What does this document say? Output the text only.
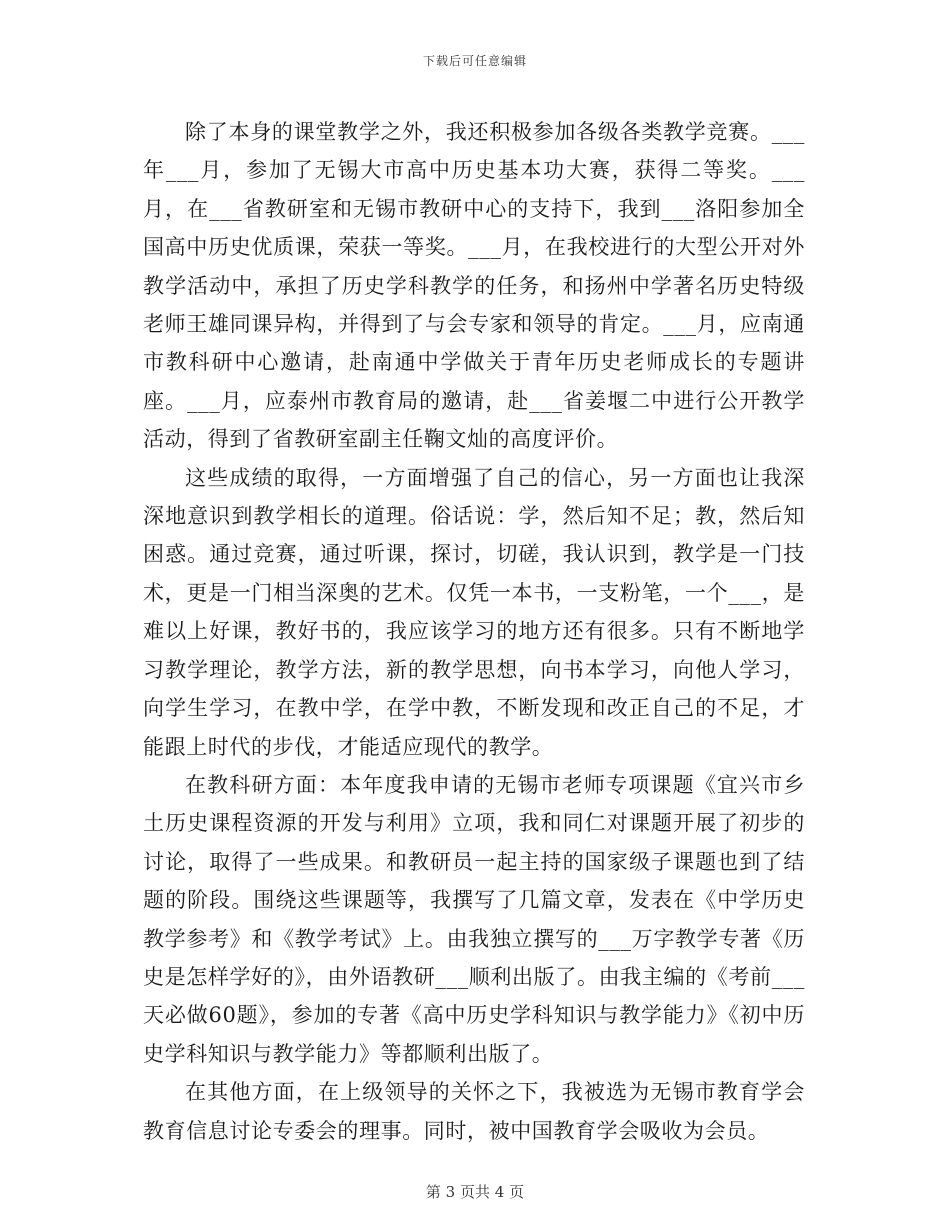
下载后可任意编辑

除了本身的课堂教学之外，我还积极参加各级各类教学竞赛。___年___月，参加了无锡大市高中历史基本功大赛，获得二等奖。___月，在___省教研室和无锡市教研中心的支持下，我到___洛阳参加全国高中历史优质课，荣获一等奖。___月，在我校进行的大型公开对外教学活动中，承担了历史学科教学的任务，和扬州中学著名历史特级老师王雄同课异构，并得到了与会专家和领导的肯定。___月，应南通市教科研中心邀请，赴南通中学做关于青年历史老师成长的专题讲座。___月，应泰州市教育局的邀请，赴___省姜堰二中进行公开教学活动，得到了省教研室副主任鞠文灿的高度评价。

这些成绩的取得，一方面增强了自己的信心，另一方面也让我深深地意识到教学相长的道理。俗话说：学，然后知不足；教，然后知困惑。通过竞赛，通过听课，探讨，切磋，我认识到，教学是一门技术，更是一门相当深奥的艺术。仅凭一本书，一支粉笔，一个___，是难以上好课，教好书的，我应该学习的地方还有很多。只有不断地学习教学理论，教学方法，新的教学思想，向书本学习，向他人学习，向学生学习，在教中学，在学中教，不断发现和改正自己的不足，才能跟上时代的步伐，才能适应现代的教学。

在教科研方面：本年度我申请的无锡市老师专项课题《宜兴市乡土历史课程资源的开发与利用》立项，我和同仁对课题开展了初步的讨论，取得了一些成果。和教研员一起主持的国家级子课题也到了结题的阶段。围绕这些课题等，我撰写了几篇文章，发表在《中学历史教学参考》和《教学考试》上。由我独立撰写的___万字教学专著《历史是怎样学好的》，由外语教研___顺利出版了。由我主编的《考前___天必做60题》，参加的专著《高中历史学科知识与教学能力》《初中历史学科知识与教学能力》等都顺利出版了。

在其他方面，在上级领导的关怀之下，我被选为无锡市教育学会教育信息讨论专委会的理事。同时，被中国教育学会吸收为会员。

第 3 页共 4 页
